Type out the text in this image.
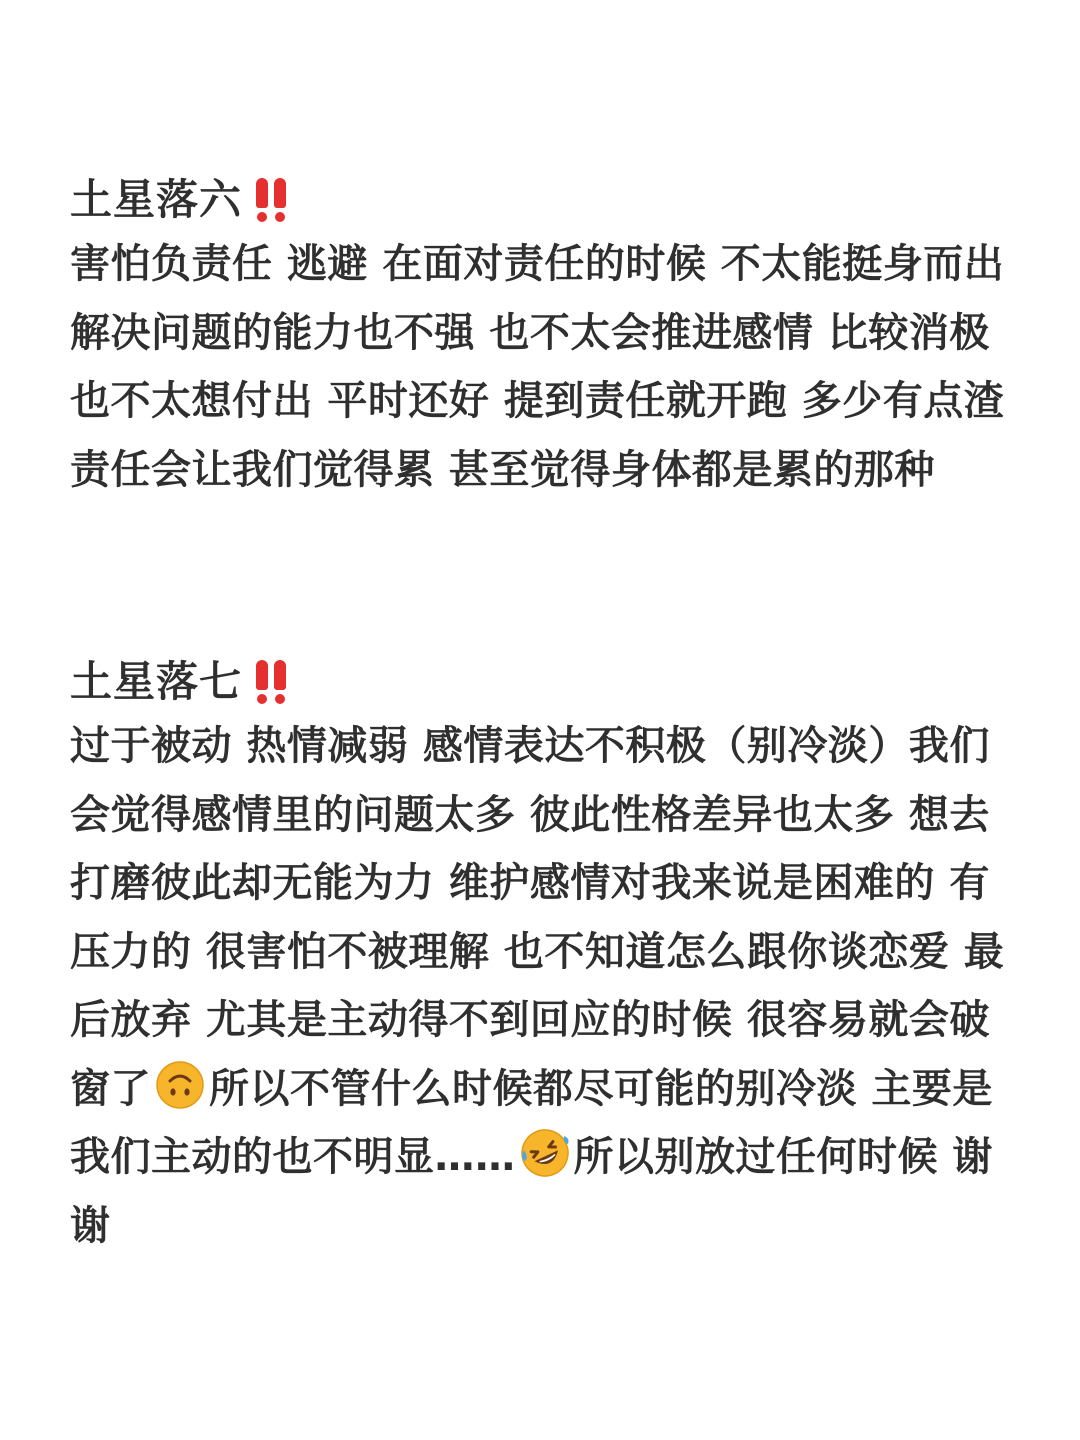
土星落六

害怕负责任 逃避 在面对责任的时候 不太能挺身而出 解决问题的能力也不强 也不太会推进感情 比较消极 也不太想付出 平时还好 提到责任就开跑 多少有点渣 责任会让我们觉得累 甚至觉得身体都是累的那种

土星落七

过于被动 热情减弱 感情表达不积极（别冷淡）我们会觉得感情里的问题太多 彼此性格差异也太多 想去打磨彼此却无能为力 维护感情对我来说是困难的 有压力的 很害怕不被理解 也不知道怎么跟你谈恋爱 最后放弃 尤其是主动得不到回应的时候 很容易就会破窗了 所以不管什么时候都尽可能的别冷淡 主要是我们主动的也不明显…… 所以别放过任何时候 谢谢
